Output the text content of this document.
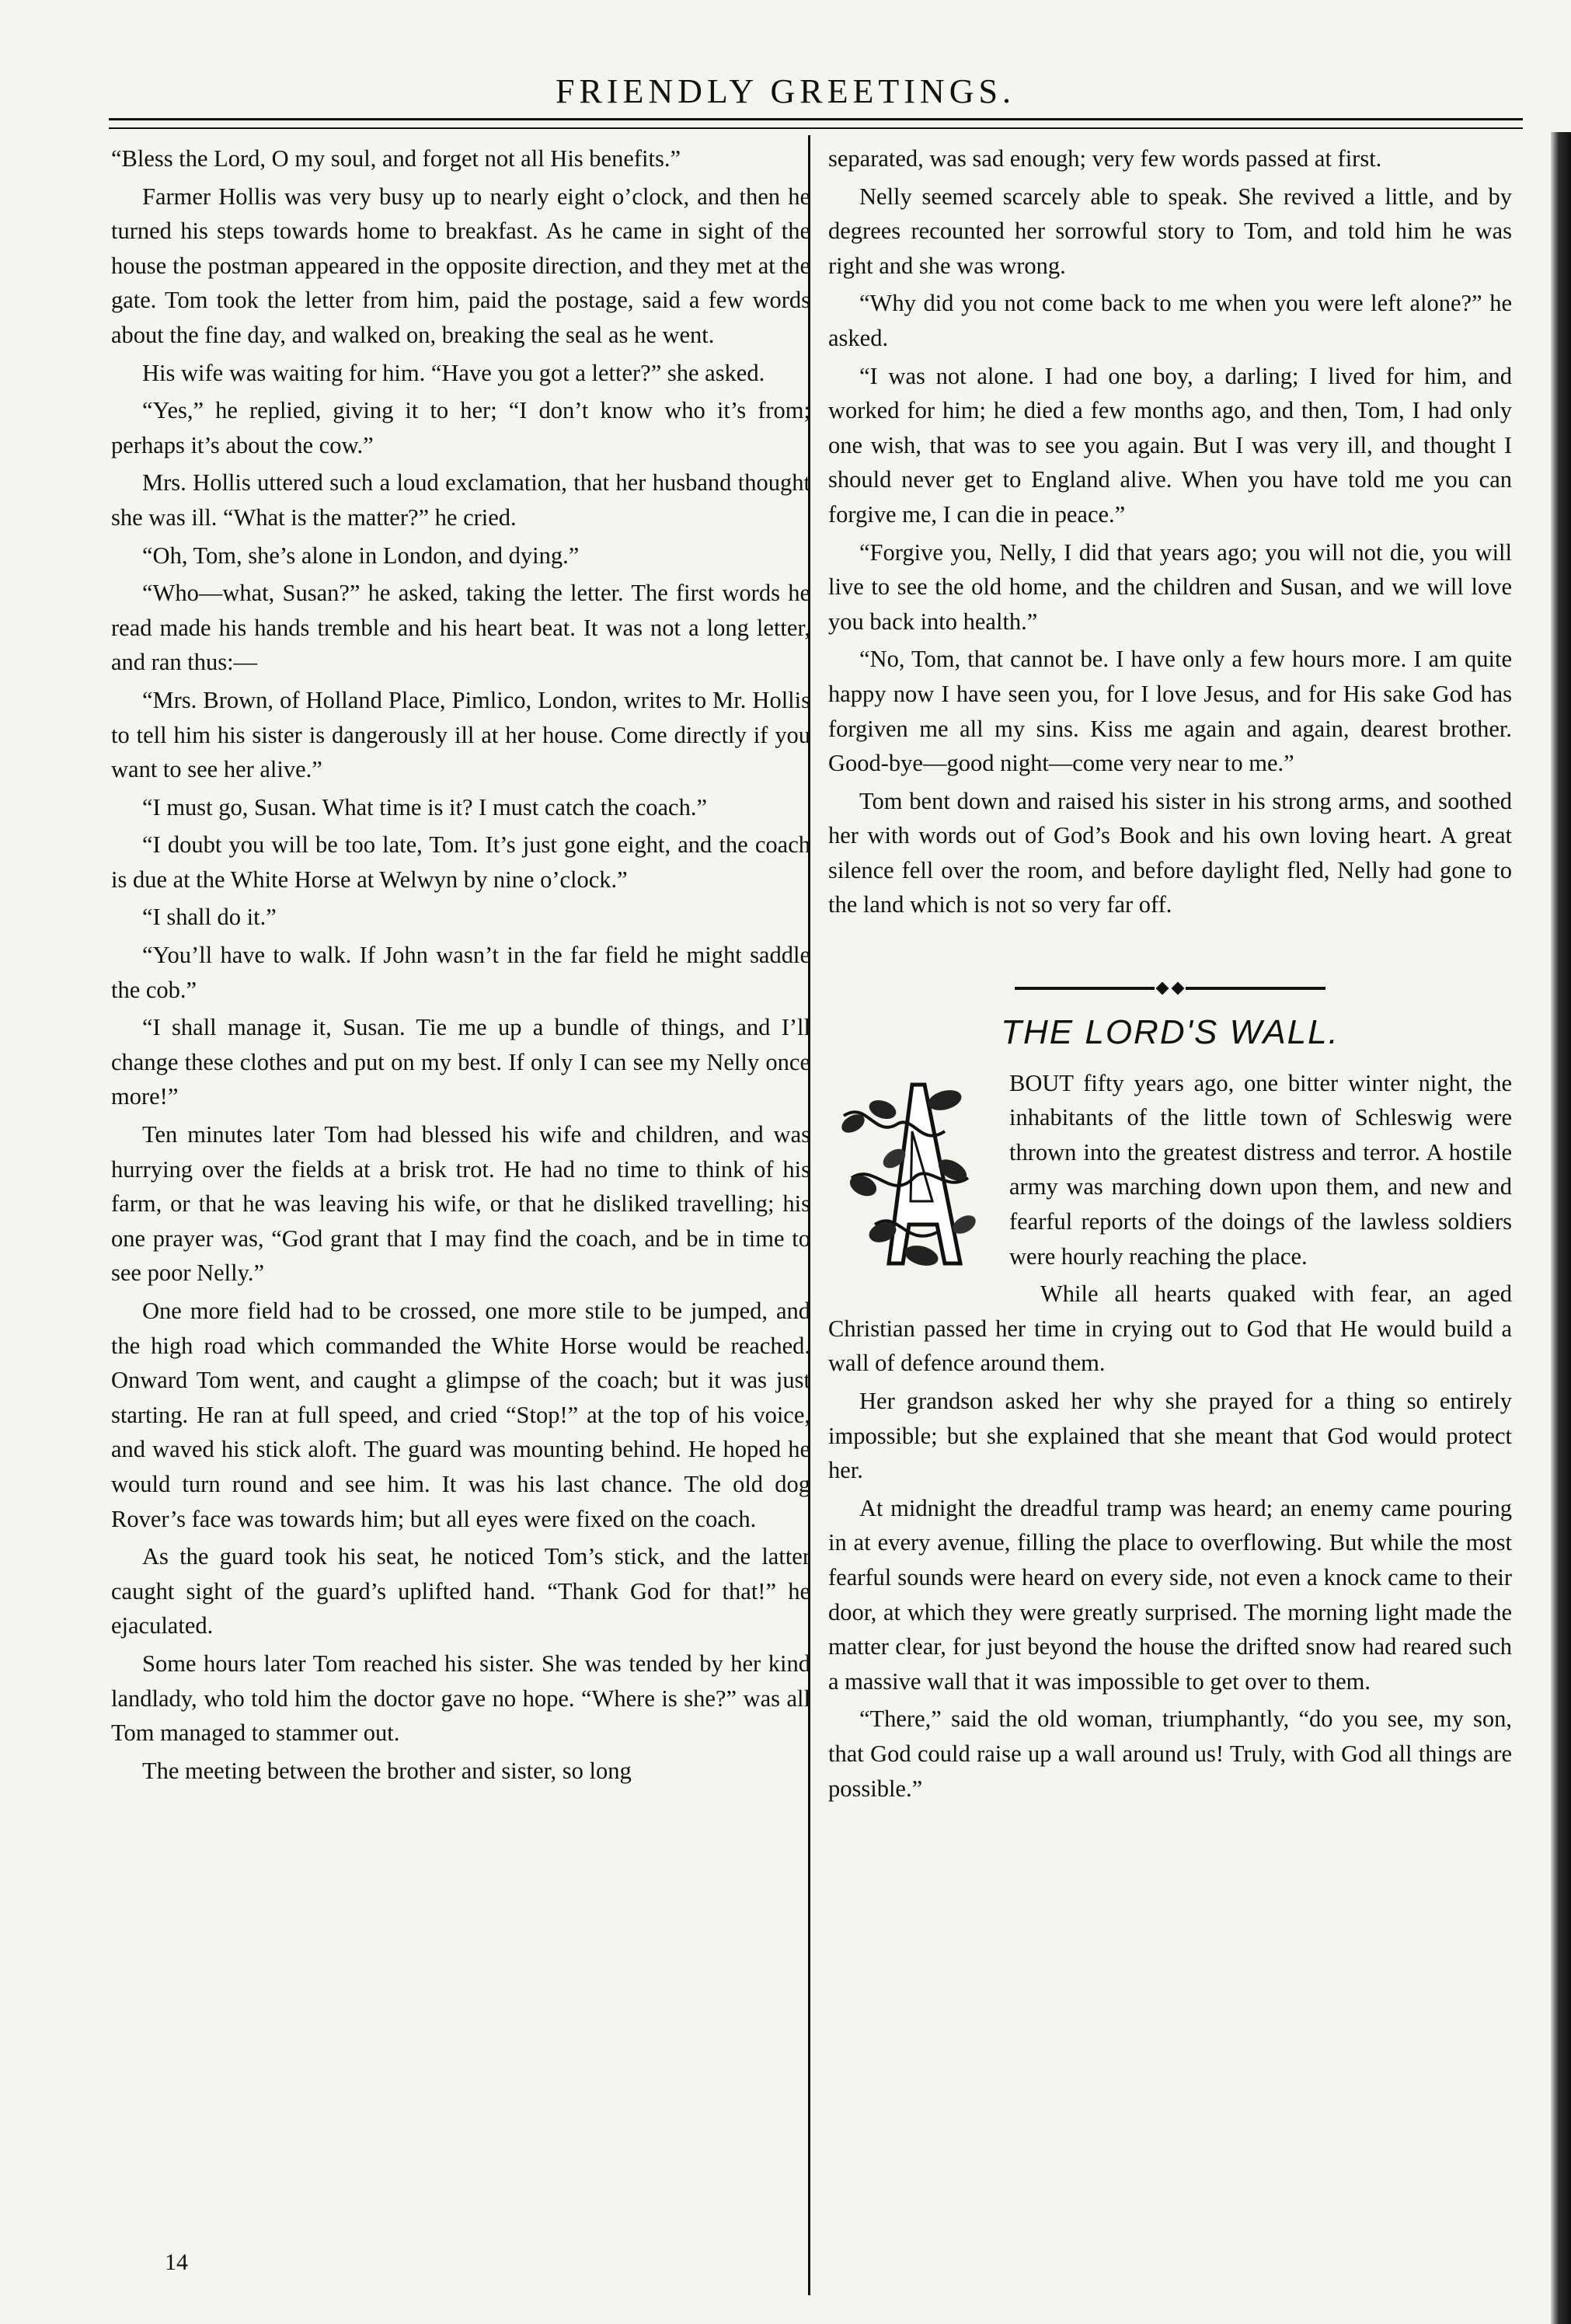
FRIENDLY GREETINGS.

“Bless the Lord, O my soul, and forget not all His benefits.”

Farmer Hollis was very busy up to nearly eight o’clock, and then he turned his steps towards home to breakfast. As he came in sight of the house the postman appeared in the opposite direction, and they met at the gate. Tom took the letter from him, paid the postage, said a few words about the fine day, and walked on, breaking the seal as he went.

His wife was waiting for him. “Have you got a letter?” she asked.

“Yes,” he replied, giving it to her; “I don’t know who it’s from; perhaps it’s about the cow.”

Mrs. Hollis uttered such a loud exclamation, that her husband thought she was ill. “What is the matter?” he cried.

“Oh, Tom, she’s alone in London, and dying.”

“Who—what, Susan?” he asked, taking the letter. The first words he read made his hands tremble and his heart beat. It was not a long letter, and ran thus:—

“Mrs. Brown, of Holland Place, Pimlico, London, writes to Mr. Hollis to tell him his sister is dangerously ill at her house. Come directly if you want to see her alive.”

“I must go, Susan. What time is it? I must catch the coach.”

“I doubt you will be too late, Tom. It’s just gone eight, and the coach is due at the White Horse at Welwyn by nine o’clock.”

“I shall do it.”

“You’ll have to walk. If John wasn’t in the far field he might saddle the cob.”

“I shall manage it, Susan. Tie me up a bundle of things, and I’ll change these clothes and put on my best. If only I can see my Nelly once more!”

Ten minutes later Tom had blessed his wife and children, and was hurrying over the fields at a brisk trot. He had no time to think of his farm, or that he was leaving his wife, or that he disliked travelling; his one prayer was, “God grant that I may find the coach, and be in time to see poor Nelly.”

One more field had to be crossed, one more stile to be jumped, and the high road which commanded the White Horse would be reached. Onward Tom went, and caught a glimpse of the coach; but it was just starting. He ran at full speed, and cried “Stop!” at the top of his voice, and waved his stick aloft. The guard was mounting behind. He hoped he would turn round and see him. It was his last chance. The old dog Rover’s face was towards him; but all eyes were fixed on the coach.

As the guard took his seat, he noticed Tom’s stick, and the latter caught sight of the guard’s uplifted hand. “Thank God for that!” he ejaculated.

Some hours later Tom reached his sister. She was tended by her kind landlady, who told him the doctor gave no hope. “Where is she?” was all Tom managed to stammer out.

The meeting between the brother and sister, so long

separated, was sad enough; very few words passed at first.

Nelly seemed scarcely able to speak. She revived a little, and by degrees recounted her sorrowful story to Tom, and told him he was right and she was wrong.

“Why did you not come back to me when you were left alone?” he asked.

“I was not alone. I had one boy, a darling; I lived for him, and worked for him; he died a few months ago, and then, Tom, I had only one wish, that was to see you again. But I was very ill, and thought I should never get to England alive. When you have told me you can forgive me, I can die in peace.”

“Forgive you, Nelly, I did that years ago; you will not die, you will live to see the old home, and the children and Susan, and we will love you back into health.”

“No, Tom, that cannot be. I have only a few hours more. I am quite happy now I have seen you, for I love Jesus, and for His sake God has forgiven me all my sins. Kiss me again and again, dearest brother. Good-bye—good night—come very near to me.”

Tom bent down and raised his sister in his strong arms, and soothed her with words out of God’s Book and his own loving heart. A great silence fell over the room, and before daylight fled, Nelly had gone to the land which is not so very far off.

THE LORD'S WALL.

BOUT fifty years ago, one bitter winter night, the inhabitants of the little town of Schleswig were thrown into the greatest distress and terror. A hostile army was marching down upon them, and new and fearful reports of the doings of the lawless soldiers were hourly reaching the place.

While all hearts quaked with fear, an aged Christian passed her time in crying out to God that He would build a wall of defence around them.

Her grandson asked her why she prayed for a thing so entirely impossible; but she explained that she meant that God would protect her.

At midnight the dreadful tramp was heard; an enemy came pouring in at every avenue, filling the place to overflowing. But while the most fearful sounds were heard on every side, not even a knock came to their door, at which they were greatly surprised. The morning light made the matter clear, for just beyond the house the drifted snow had reared such a massive wall that it was impossible to get over to them.

“There,” said the old woman, triumphantly, “do you see, my son, that God could raise up a wall around us! Truly, with God all things are possible.”

14
